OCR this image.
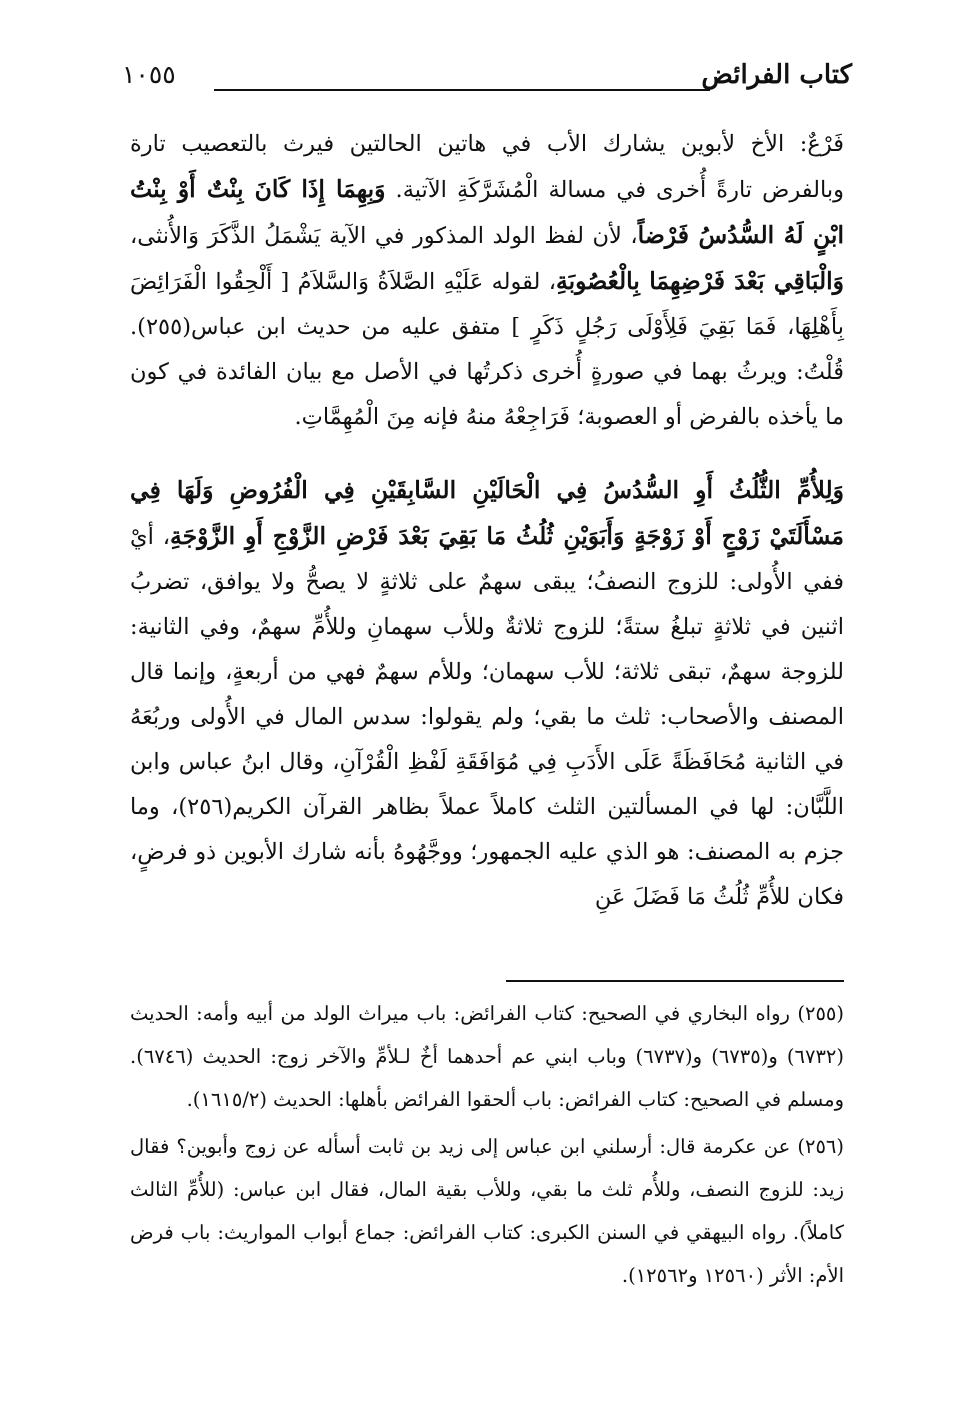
كتاب الفرائض
١٠٥٥

فَرْعٌ: الأخ لأبوين يشارك الأب في هاتين الحالتين فيرث بالتعصيب تارة وبالفرض تارةً أُخرى في مسالة الْمُشَرَّكَةِ الآتية. وَبِهِمَا إِذَا كَانَ بِنْتٌ أَوْ بِنْتُ ابْنٍ لَهُ السُّدُسُ فَرْضاً، لأن لفظ الولد المذكور في الآية يَشْمَلُ الذَّكَرَ وَالأُنثى، وَالْبَاقِي بَعْدَ فَرْضِهِمَا بِالْعُصُوبَةِ، لقوله عَلَيْهِ الصَّلاَةُ وَالسَّلاَمُ [ أَلْحِقُوا الْفَرَائِضَ بِأَهْلِهَا، فَمَا بَقِيَ فَلِأَوْلَى رَجُلٍ ذَكَرٍ ] متفق عليه من حديث ابن عباس(٢٥٥). قُلْتُ: ويرثُ بهما في صورةٍ أُخرى ذكرتُها في الأصل مع بيان الفائدة في كون ما يأخذه بالفرض أو العصوبة؛ فَرَاجِعْهُ منهُ فإنه مِنَ الْمُهِمَّاتِ.

وَلِلأُمِّ الثُّلُثُ أَوِ السُّدُسُ فِي الْحَالَيْنِ السَّابِقَيْنِ فِي الْفُرُوضِ وَلَهَا فِي مَسْأَلَتَيْ زَوْجٍ أَوْ زَوْجَةٍ وَأَبَوَيْنِ ثُلُثُ مَا بَقِيَ بَعْدَ فَرْضِ الزَّوْجِ أَوِ الزَّوْجَةِ، أيْ ففي الأُولى: للزوج النصفُ؛ يبقى سهمٌ على ثلاثةٍ لا يصحُّ ولا يوافق، تضربُ اثنين في ثلاثةٍ تبلغُ ستةً؛ للزوج ثلاثةٌ وللأب سهمانِ وللأُمِّ سهمٌ، وفي الثانية: للزوجة سهمٌ، تبقى ثلاثة؛ للأب سهمان؛ وللأم سهمٌ فهي من أربعةٍ، وإنما قال المصنف والأصحاب: ثلث ما بقي؛ ولم يقولوا: سدس المال في الأُولى وربُعَهُ في الثانية مُحَافَظَةً عَلَى الأَدَبِ فِي مُوَافَقَةِ لَفْظِ الْقُرْآنِ، وقال ابنُ عباس وابن اللَّبَّان: لها في المسألتين الثلث كاملاً عملاً بظاهر القرآن الكريم(٢٥٦)، وما جزم به المصنف: هو الذي عليه الجمهور؛ ووجَّهُوهُ بأنه شارك الأبوين ذو فرضٍ، فكان للأُمِّ ثُلُثُ مَا فَضَلَ عَنِ

(٢٥٥) رواه البخاري في الصحيح: كتاب الفرائض: باب ميراث الولد من أبيه وأمه: الحديث (٦٧٣٢) و(٦٧٣٥) و(٦٧٣٧) وباب ابني عم أحدهما أخٌ لـلأمِّ والآخر زوج: الحديث (٦٧٤٦). ومسلم في الصحيح: كتاب الفرائض: باب ألحقوا الفرائض بأهلها: الحديث (١٦١٥/٢).

(٢٥٦) عن عكرمة قال: أرسلني ابن عباس إلى زيد بن ثابت أسأله عن زوج وأبوين؟ فقال زيد: للزوج النصف، وللأُم ثلث ما بقي، وللأب بقية المال، فقال ابن عباس: (للأُمِّ الثالث كاملاً). رواه البيهقي في السنن الكبرى: كتاب الفرائض: جماع أبواب المواريث: باب فرض الأم: الأثر (١٢٥٦٠ و١٢٥٦٢).
